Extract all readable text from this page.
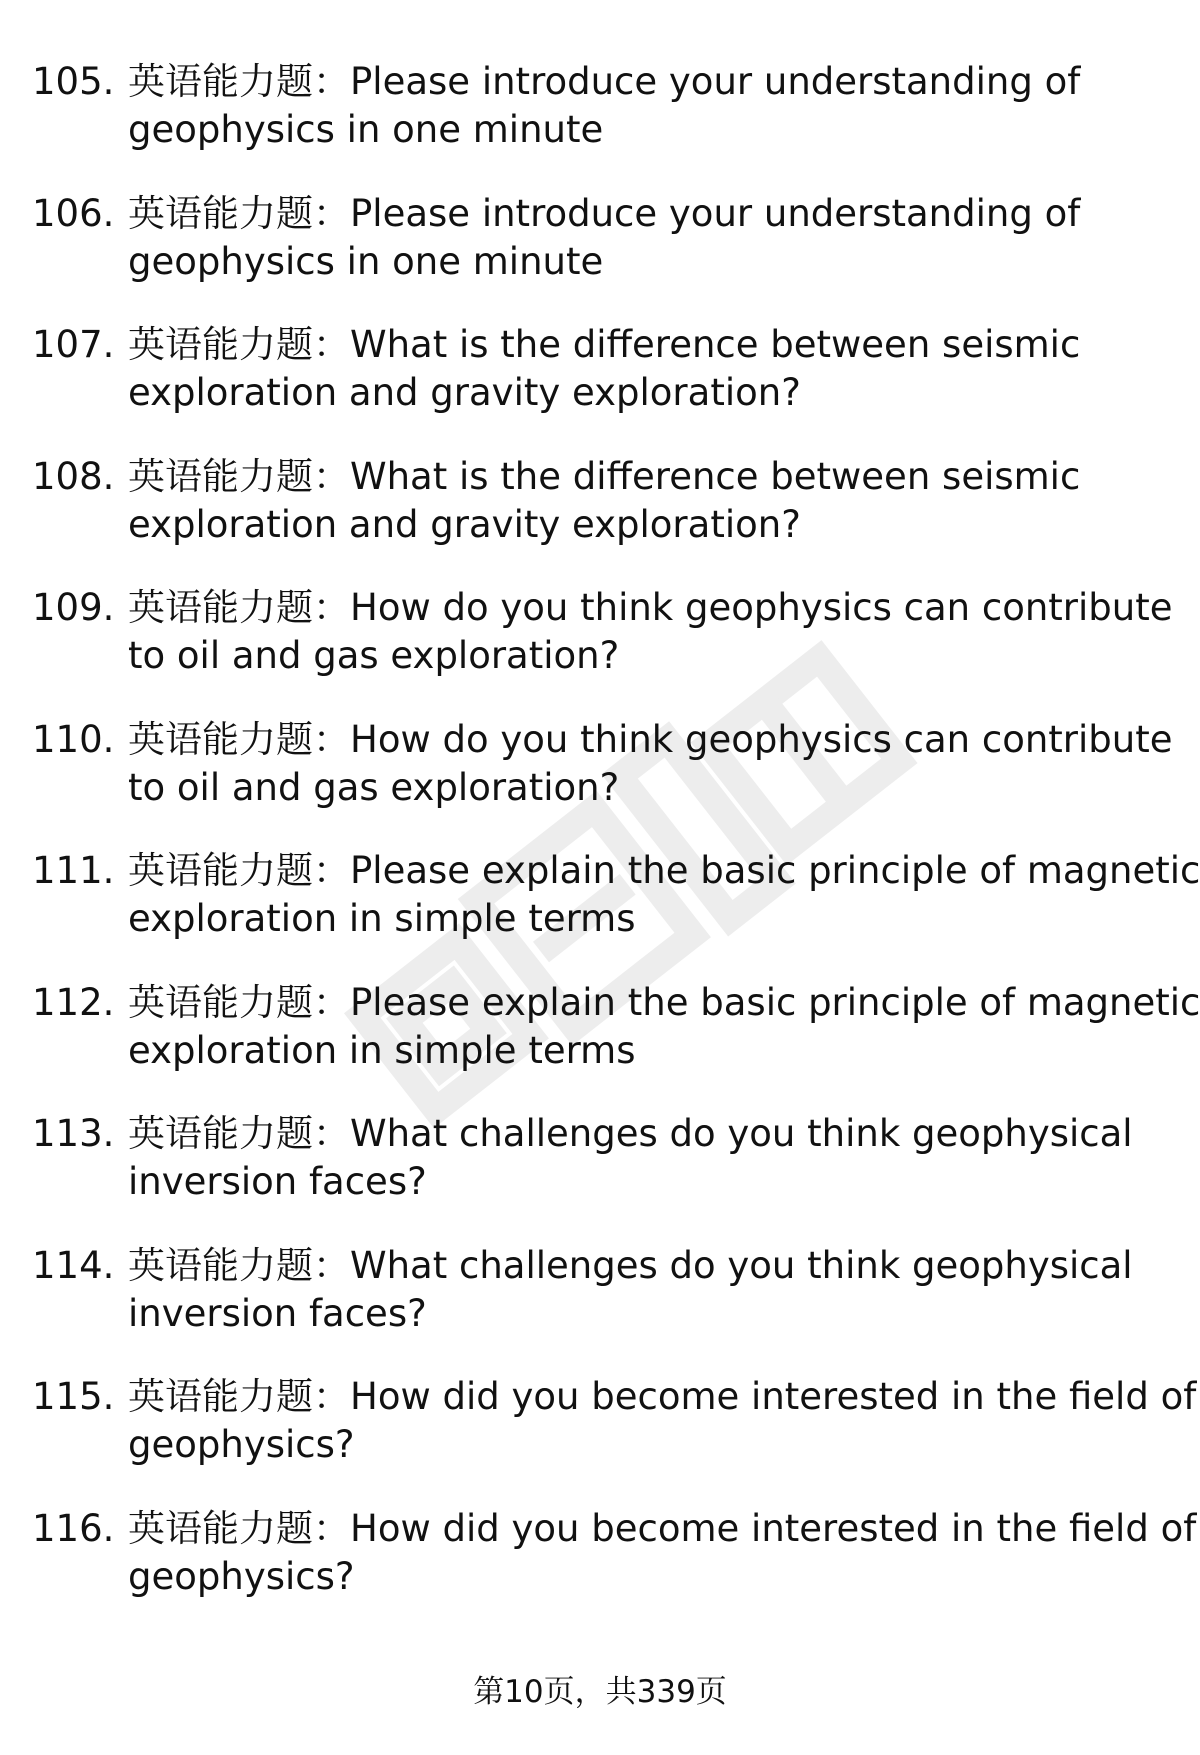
105. 英语能力题：Please introduce your understanding of
geophysics in one minute
106. 英语能力题：Please introduce your understanding of
geophysics in one minute
107. 英语能力题：What is the difference between seismic
exploration and gravity exploration?
108. 英语能力题：What is the difference between seismic
exploration and gravity exploration?
109. 英语能力题：How do you think geophysics can contribute
to oil and gas exploration?
110. 英语能力题：How do you think geophysics can contribute
to oil and gas exploration?
111. 英语能力题：Please explain the basic principle of magnetic
exploration in simple terms
112. 英语能力题：Please explain the basic principle of magnetic
exploration in simple terms
113. 英语能力题：What challenges do you think geophysical
inversion faces?
114. 英语能力题：What challenges do you think geophysical
inversion faces?
115. 英语能力题：How did you become interested in the field of
geophysics?
116. 英语能力题：How did you become interested in the field of
geophysics?
第10页，共339页
